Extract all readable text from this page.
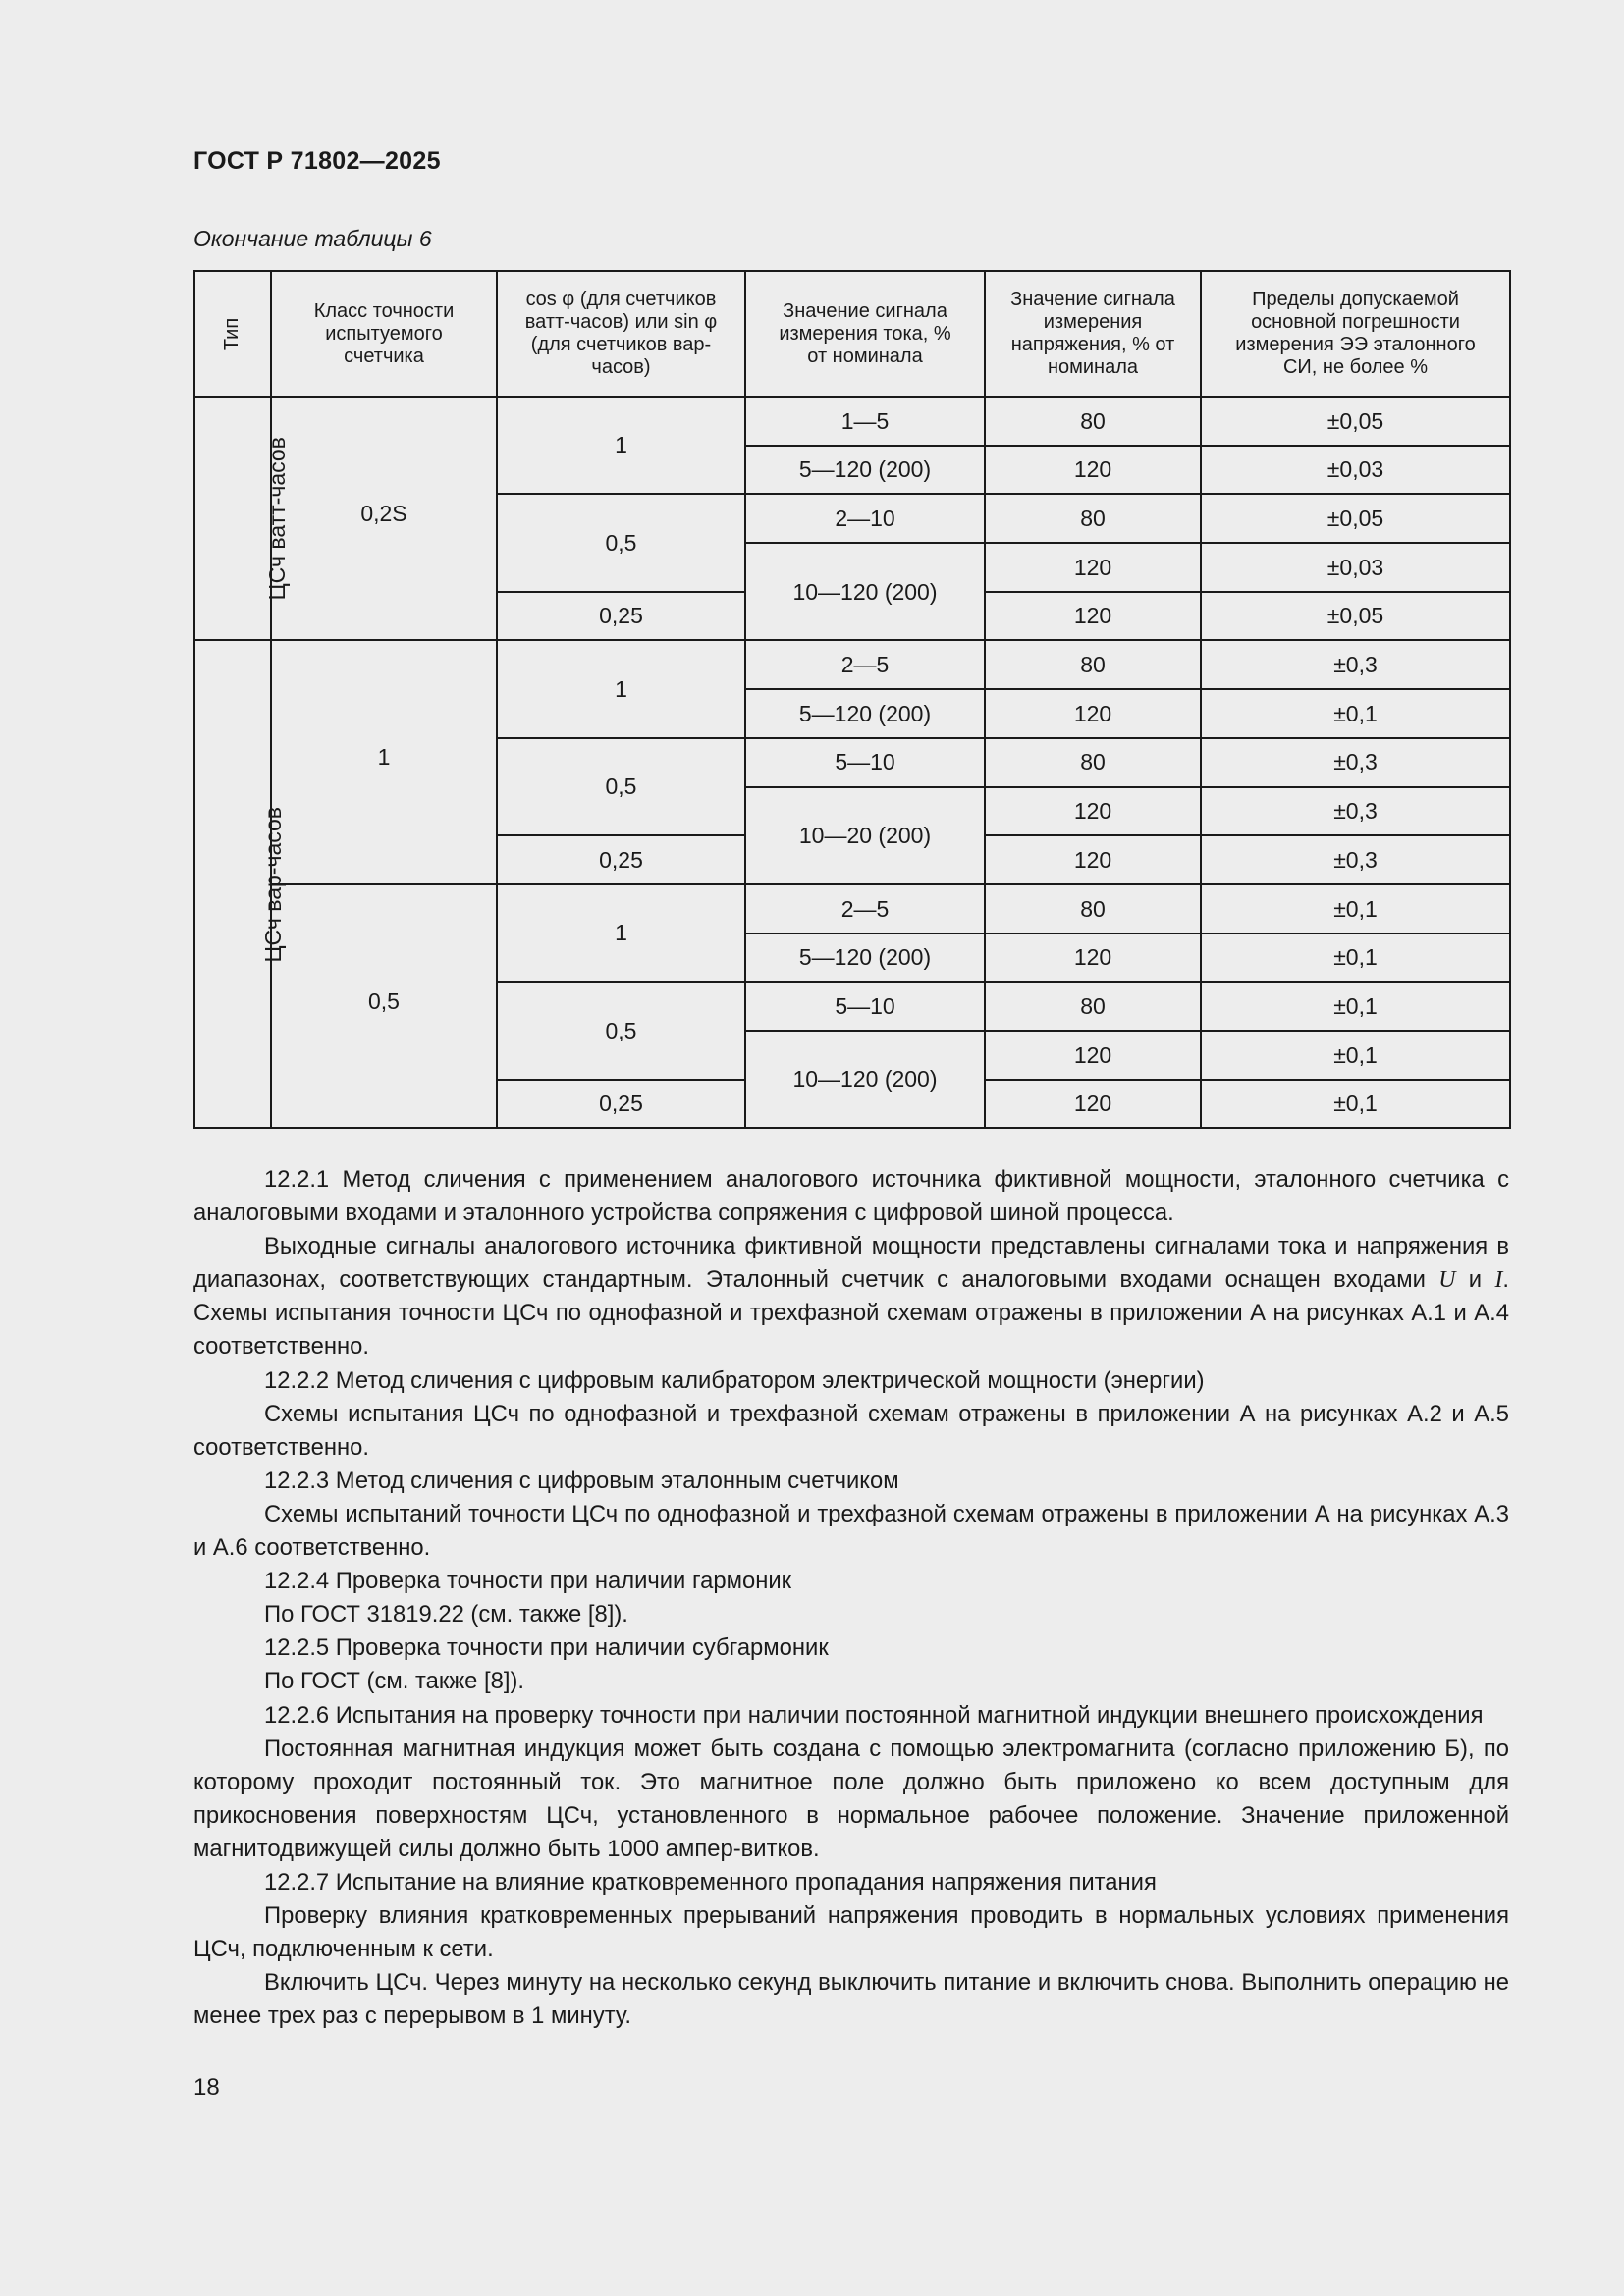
ГОСТ Р 71802—2025
Окончание таблицы 6
Тип	Класс точности испытуемого счетчика	cos φ (для счетчиков ватт-часов) или sin φ (для счетчиков вар-часов)	Значение сигнала измерения тока, % от номинала	Значение сигнала измерения напряжения, % от номинала	Пределы допускаемой основной погрешности измерения ЭЭ эталонного СИ, не более %
ЦСч ватт-часов	0,2S	1	1—5	80	±0,05
			5—120 (200)	120	±0,03
		0,5	2—10	80	±0,05
			10—120 (200)	120	±0,03
		0,25		120	±0,05
ЦСч вар-часов	1	1	2—5	80	±0,3
			5—120 (200)	120	±0,1
		0,5	5—10	80	±0,3
			10—20 (200)	120	±0,3
		0,25		120	±0,3
	0,5	1	2—5	80	±0,1
			5—120 (200)	120	±0,1
		0,5	5—10	80	±0,1
			10—120 (200)	120	±0,1
		0,25		120	±0,1

12.2.1 Метод сличения с применением аналогового источника фиктивной мощности, эталонного счетчика с аналоговыми входами и эталонного устройства сопряжения с цифровой шиной процесса.

Выходные сигналы аналогового источника фиктивной мощности представлены сигналами тока и напряжения в диапазонах, соответствующих стандартным. Эталонный счетчик с аналоговыми входами оснащен входами U и I. Схемы испытания точности ЦСч по однофазной и трехфазной схемам отражены в приложении А на рисунках А.1 и А.4 соответственно.

12.2.2 Метод сличения с цифровым калибратором электрической мощности (энергии)

Схемы испытания ЦСч по однофазной и трехфазной схемам отражены в приложении А на рисунках А.2 и А.5 соответственно.

12.2.3 Метод сличения с цифровым эталонным счетчиком

Схемы испытаний точности ЦСч по однофазной и трехфазной схемам отражены в приложении А на рисунках А.3 и А.6 соответственно.

12.2.4 Проверка точности при наличии гармоник

По ГОСТ 31819.22 (см. также [8]).

12.2.5 Проверка точности при наличии субгармоник

По ГОСТ (см. также [8]).

12.2.6 Испытания на проверку точности при наличии постоянной магнитной индукции внешнего происхождения

Постоянная магнитная индукция может быть создана с помощью электромагнита (согласно приложению Б), по которому проходит постоянный ток. Это магнитное поле должно быть приложено ко всем доступным для прикосновения поверхностям ЦСч, установленного в нормальное рабочее положение. Значение приложенной магнитодвижущей силы должно быть 1000 ампер-витков.

12.2.7 Испытание на влияние кратковременного пропадания напряжения питания

Проверку влияния кратковременных прерываний напряжения проводить в нормальных условиях применения ЦСч, подключенным к сети.

Включить ЦСч. Через минуту на несколько секунд выключить питание и включить снова. Выполнить операцию не менее трех раз с перерывом в 1 минуту.

18
